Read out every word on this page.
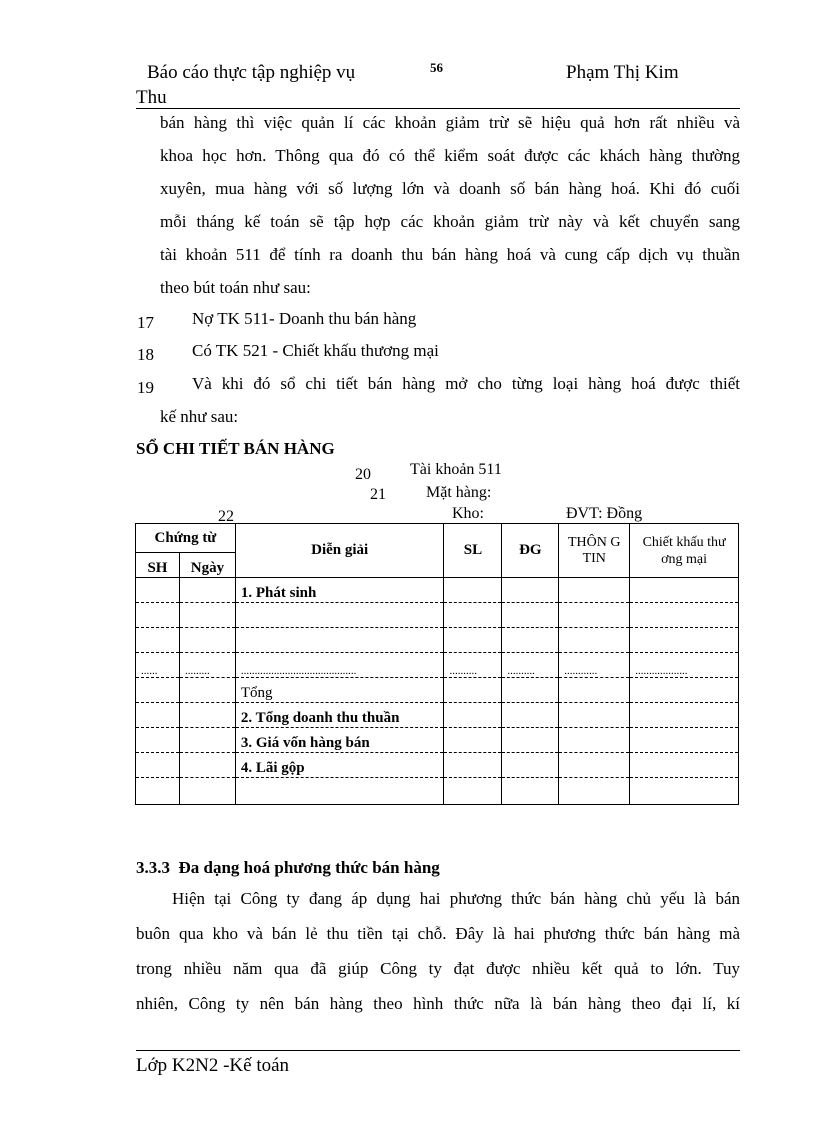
Báo cáo thực tập nghiệp vụ	56	Phạm Thị Kim
Thu
bán hàng thì việc quản lí các khoản giảm trừ sẽ hiệu quả hơn rất nhiều và
khoa học hơn. Thông qua đó có thể kiểm soát được các khách hàng thường
xuyên, mua hàng với số lượng lớn và doanh số bán hàng hoá. Khi đó cuối
mỗi tháng kế toán sẽ tập hợp các khoản giảm trừ này và kết chuyển sang
tài khoản 511 để tính ra doanh thu bán hàng hoá và cung cấp dịch vụ thuần
theo bút toán như sau:
17 Nợ TK 511- Doanh thu bán hàng
18 Có TK 521 - Chiết khấu thương mại
19 Và khi đó sổ chi tiết bán hàng mở cho từng loại hàng hoá được thiết
kế như sau:
SỔ CHI TIẾT BÁN HÀNG
20 Tài khoản 511
21	Mặt hàng:
22	Kho:	ĐVT: Đồng
Chứng từ		Diễn giải	SL	ĐG	THÔN G TIN	Chiết khấu thư ơng mại
SH	Ngày					
		1. Phát sinh				

......	.........	..........................................	..........	..........	............	...................
		Tổng				
		2. Tổng doanh thu thuần				
		3. Giá vốn hàng bán				
		4. Lãi gộp				

3.3.3 Đa dạng hoá phương thức bán hàng
Hiện tại Công ty đang áp dụng hai phương thức bán hàng chủ yếu là bán
buôn qua kho và bán lẻ thu tiền tại chỗ. Đây là hai phương thức bán hàng mà
trong nhiều năm qua đã giúp Công ty đạt được nhiều kết quả to lớn. Tuy
nhiên, Công ty nên bán hàng theo hình thức nữa là bán hàng theo đại lí, kí
Lớp K2N2 -Kế toán
